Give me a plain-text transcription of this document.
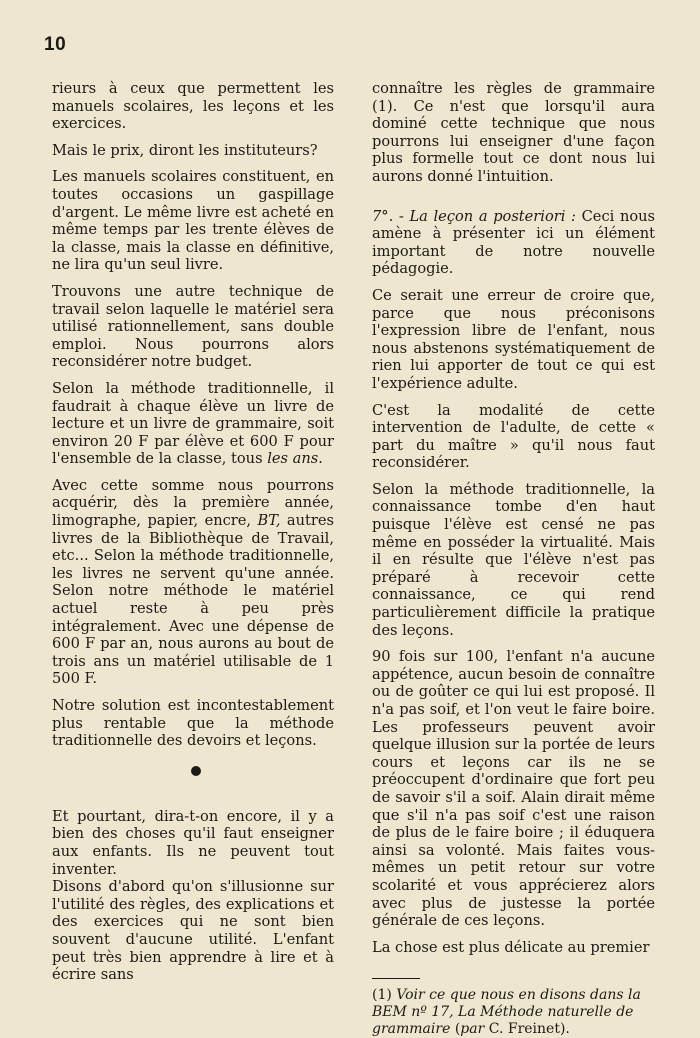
10

rieurs à ceux que permettent les manuels scolaires, les leçons et les exercices.

Mais le prix, diront les instituteurs?

Les manuels scolaires constituent, en toutes occasions un gaspillage d'argent. Le même livre est acheté en même temps par les trente élèves de la classe, mais la classe en définitive, ne lira qu'un seul livre.

Trouvons une autre technique de travail selon laquelle le matériel sera utilisé rationnellement, sans double emploi. Nous pourrons alors reconsidérer notre budget.

Selon la méthode traditionnelle, il faudrait à chaque élève un livre de lecture et un livre de grammaire, soit environ 20 F par élève et 600 F pour l'ensemble de la classe, tous les ans.

Avec cette somme nous pourrons acquérir, dès la première année, limographe, papier, encre, BT, autres livres de la Bibliothèque de Travail, etc... Selon la méthode traditionnelle, les livres ne servent qu'une année. Selon notre méthode le matériel actuel reste à peu près intégralement. Avec une dépense de 600 F par an, nous aurons au bout de trois ans un matériel utilisable de 1 500 F.

Notre solution est incontestablement plus rentable que la méthode traditionnelle des devoirs et leçons.

Et pourtant, dira-t-on encore, il y a bien des choses qu'il faut enseigner aux enfants. Ils ne peuvent tout inventer.

Disons d'abord qu'on s'illusionne sur l'utilité des règles, des explications et des exercices qui ne sont bien souvent d'aucune utilité. L'enfant peut très bien apprendre à lire et à écrire sans

connaître les règles de grammaire (1). Ce n'est que lorsqu'il aura dominé cette technique que nous pourrons lui enseigner d'une façon plus formelle tout ce dont nous lui aurons donné l'intuition.

7°. - La leçon a posteriori : Ceci nous amène à présenter ici un élément important de notre nouvelle pédagogie.

Ce serait une erreur de croire que, parce que nous préconisons l'expression libre de l'enfant, nous nous abstenons systématiquement de rien lui apporter de tout ce qui est l'expérience adulte.

C'est la modalité de cette intervention de l'adulte, de cette « part du maître » qu'il nous faut reconsidérer.

Selon la méthode traditionnelle, la connaissance tombe d'en haut puisque l'élève est censé ne pas même en posséder la virtualité. Mais il en résulte que l'élève n'est pas préparé à recevoir cette connaissance, ce qui rend particulièrement difficile la pratique des leçons.

90 fois sur 100, l'enfant n'a aucune appétence, aucun besoin de connaître ou de goûter ce qui lui est proposé. Il n'a pas soif, et l'on veut le faire boire. Les professeurs peuvent avoir quelque illusion sur la portée de leurs cours et leçons car ils ne se préoccupent d'ordinaire que fort peu de savoir s'il a soif. Alain dirait même que s'il n'a pas soif c'est une raison de plus de le faire boire ; il éduquera ainsi sa volonté. Mais faites vous-mêmes un petit retour sur votre scolarité et vous apprécierez alors avec plus de justesse la portée générale de ces leçons.

La chose est plus délicate au premier

(1) Voir ce que nous en disons dans la BEM nº 17, La Méthode naturelle de grammaire (par C. Freinet).
